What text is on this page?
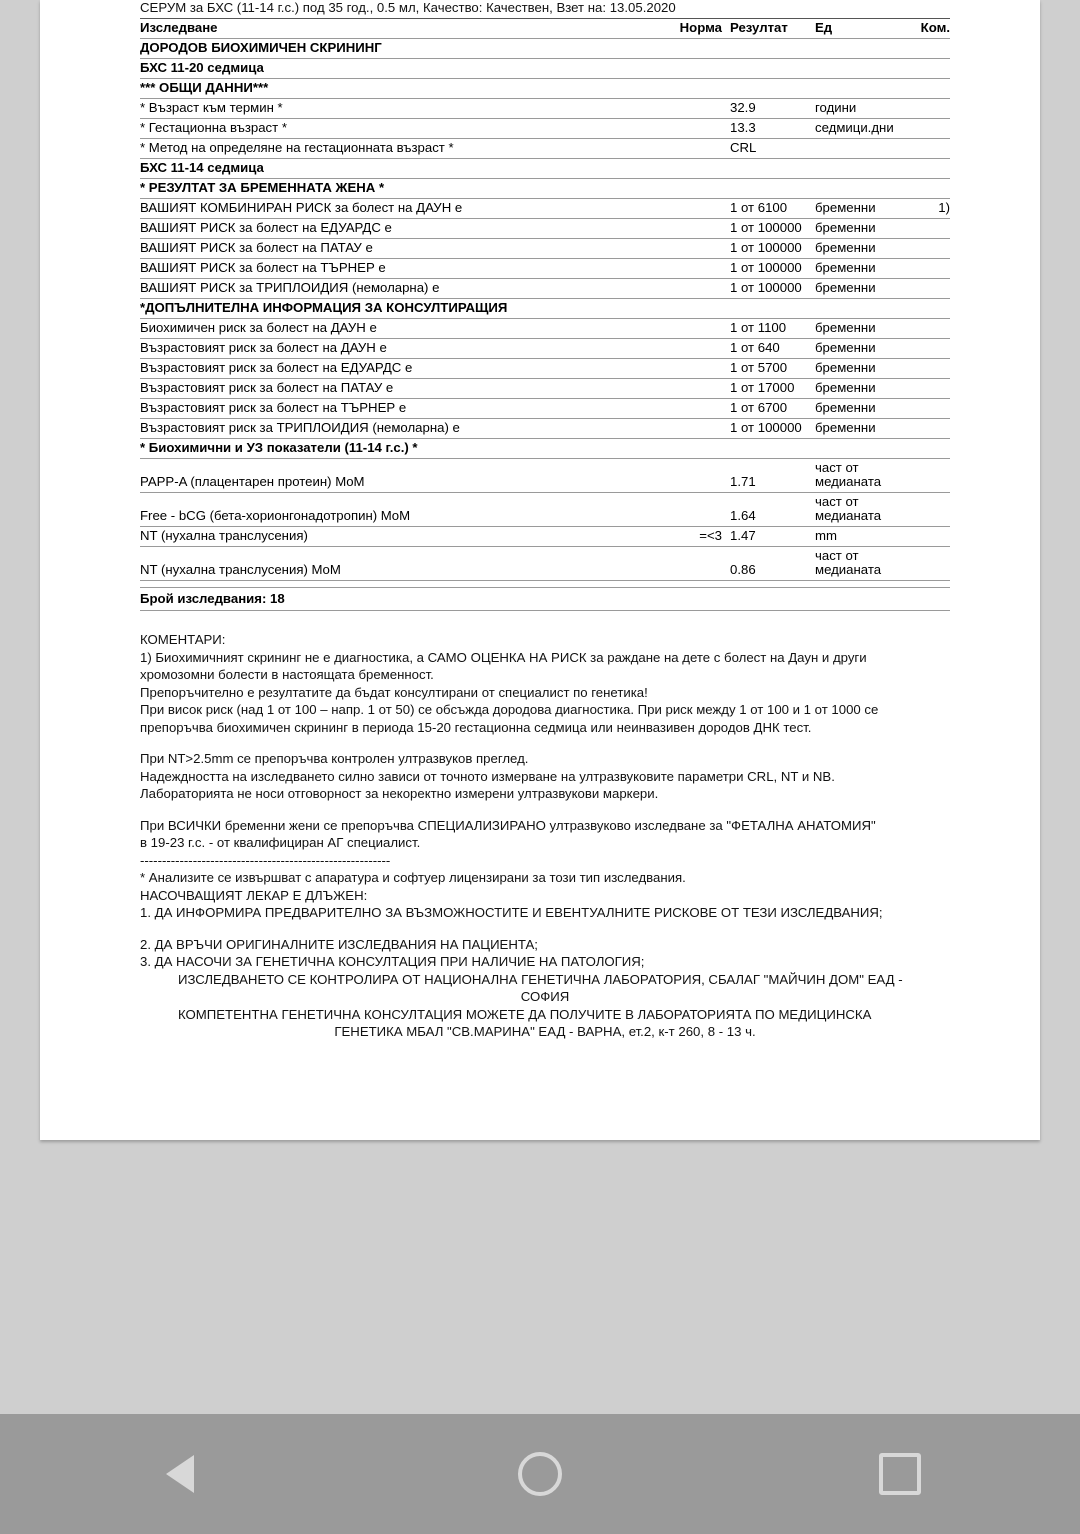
СЕРУМ за БХС (11-14 г.с.) под 35 год., 0.5 мл, Качество: Качествен, Взет на: 13.05.2020
Изследване	Норма	Резултат	Ед	Ком.
ДОРОДОВ БИОХИМИЧЕН СКРИНИНГ				
БХС 11-20 седмица				
*** ОБЩИ ДАННИ***				
* Възраст към термин *		32.9	години	
* Гестационна възраст *		13.3	седмици.дни	
* Метод на определяне на гестационната възраст *		CRL		
БХС 11-14 седмица				
* РЕЗУЛТАТ ЗА БРЕМЕННАТА ЖЕНА *				
ВАШИЯТ КОМБИНИРАН РИСК за болест на ДАУН е		1 от 6100	бременни	1)
ВАШИЯТ РИСК за болест на ЕДУАРДС е		1 от 100000	бременни	
ВАШИЯТ РИСК за болест на ПАТАУ е		1 от 100000	бременни	
ВАШИЯТ РИСК за болест на ТЪРНЕР е		1 от 100000	бременни	
ВАШИЯТ РИСК за ТРИПЛОИДИЯ (немоларна) е		1 от 100000	бременни	
*ДОПЪЛНИТЕЛНА ИНФОРМАЦИЯ ЗА КОНСУЛТИРАЩИЯ				
Биохимичен риск за болест на ДАУН е		1 от 1100	бременни	
Възрастовият риск за болест на ДАУН е		1 от 640	бременни	
Възрастовият риск за болест на ЕДУАРДС е		1 от 5700	бременни	
Възрастовият риск за болест на ПАТАУ е		1 от 17000	бременни	
Възрастовият риск за болест на ТЪРНЕР е		1 от 6700	бременни	
Възрастовият риск за ТРИПЛОИДИЯ (немоларна) е		1 от 100000	бременни	
* Биохимични и УЗ показатели (11-14 г.с.) *				
PAPP-A (плацентарен протеин) MoM		1.71	част от медианата	
Free - bCG (бета-хорионгонадотропин) MoM		1.64	част от медианата	
NT (нухална транслусения)	=<3	1.47	mm	
NT (нухална транслусения) MoM		0.86	част от медианата	

Брой изследвания: 18

КОМЕНТАРИ:

1) Биохимичният скрининг не е диагностика, а САМО ОЦЕНКА НА РИСК за раждане на дете с болест на Даун и други

хромозомни болести в настоящата бременност.

Препоръчително е резултатите да бъдат консултирани от специалист по генетика!

При висок риск (над 1 от 100 – напр. 1 от 50) се обсъжда дородова диагностика. При риск между 1 от 100 и 1 от 1000 се

препоръчва биохимичен скрининг в периода 15-20 гестационна седмица или неинвазивен дородов ДНК тест.

При NT>2.5mm се препоръчва контролен ултразвуков преглед.

Надеждността на изследването силно зависи от точното измерване на ултразвуковите параметри CRL, NT и NB.

Лабораторията не носи отговорност за некоректно измерени ултразвукови маркери.

При ВСИЧКИ бременни жени се препоръчва СПЕЦИАЛИЗИРАНО ултразвуково изследване за "ФЕТАЛНА АНАТОМИЯ"

в 19-23 г.с. - от квалифициран АГ специалист.

---------------------------------------------------------

* Анализите се извършват с апаратура и софтуер лицензирани за този тип изследвания.

НАСОЧВАЩИЯТ ЛЕКАР Е ДЛЪЖЕН:

1. ДА ИНФОРМИРА ПРЕДВАРИТЕЛНО ЗА ВЪЗМОЖНОСТИТЕ И ЕВЕНТУАЛНИТЕ РИСКОВЕ ОТ ТЕЗИ ИЗСЛЕДВАНИЯ;

2. ДА ВРЪЧИ ОРИГИНАЛНИТЕ ИЗСЛЕДВАНИЯ НА ПАЦИЕНТА;

3. ДА НАСОЧИ ЗА ГЕНЕТИЧНА КОНСУЛТАЦИЯ ПРИ НАЛИЧИЕ НА ПАТОЛОГИЯ;

ИЗСЛЕДВАНЕТО СЕ КОНТРОЛИРА ОТ НАЦИОНАЛНА ГЕНЕТИЧНА ЛАБОРАТОРИЯ, СБАЛАГ "МАЙЧИН ДОМ" ЕАД -

СОФИЯ

КОМПЕТЕНТНА ГЕНЕТИЧНА КОНСУЛТАЦИЯ МОЖЕТЕ ДА ПОЛУЧИТЕ В ЛАБОРАТОРИЯТА ПО МЕДИЦИНСКА

ГЕНЕТИКА МБАЛ "СВ.МАРИНА" ЕАД - ВАРНА, ет.2, к-т 260, 8 - 13 ч.
